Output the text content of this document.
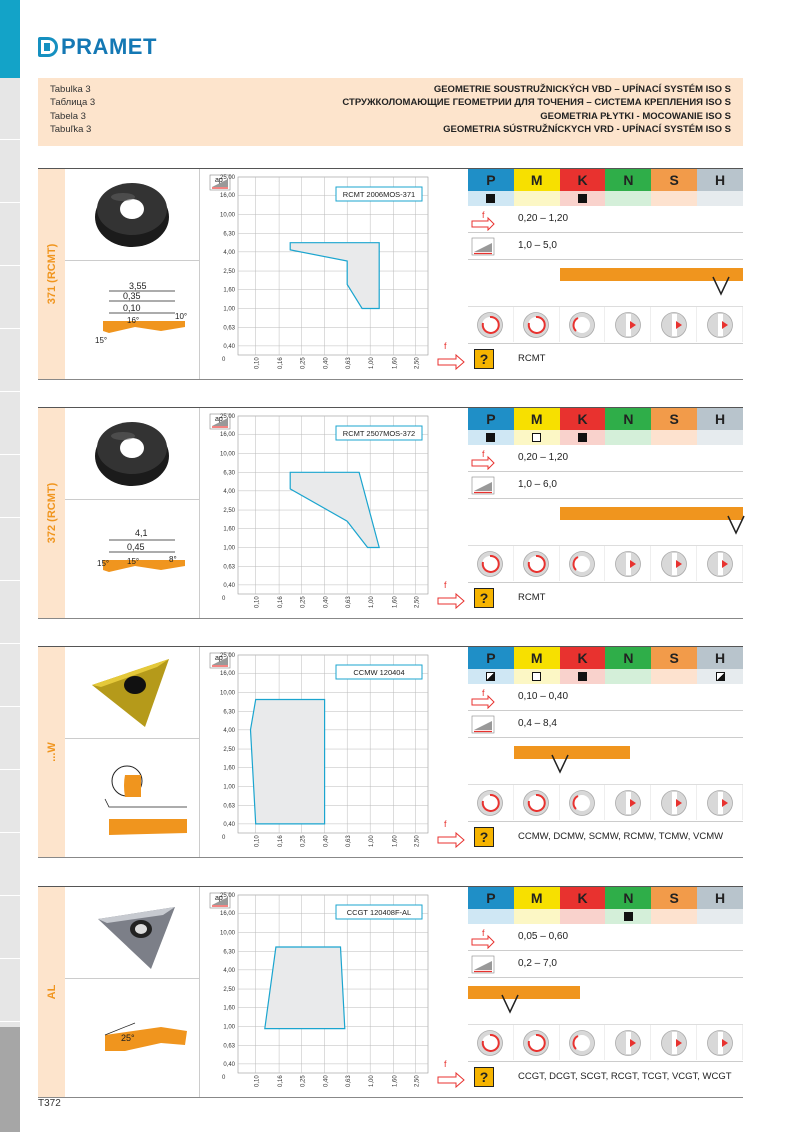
PRAMET
Tabulka 3
Таблица 3
Tabela 3
Tabuľka 3
GEOMETRIE SOUSTRUŽNICKÝCH VBD – UPÍNACÍ SYSTÉM ISO S
СТРУЖКОЛОМАЮЩИЕ ГЕОМЕТРИИ ДЛЯ ТОЧЕНИЯ – СИСТЕМА КРЕПЛЕНИЯ ISO S
GEOMETRIA PŁYTKI - MOCOWANIE ISO S
GEOMETRIA SÚSTRUŽNÍCKYCH VRD - UPÍNACÍ SYSTÉM ISO S
371 (RCMT)	3,55
0,35
0,10
16°	10°
15°
ap
0,10	0,16	0,25	0,40	0,63	1,00	1,60	2,50
25,00
16,00
10,00
6,30
4,00
2,50
1,60
1,00
0,63
0,40
0
RCMT 2006MOS-371
f
P	M	K	N	S	H
f	0,20 – 1,20
1,0 – 5,0
?	RCMT
372 (RCMT)	4,1
0,45
15°	8°
15°
ap
0,10	0,16	0,25	0,40	0,63	1,00	1,60	2,50
25,00
16,00
10,00
6,30
4,00
2,50
1,60
1,00
0,63
0,40
0
RCMT 2507MOS-372
f
P	M	K	N	S	H
f	0,20 – 1,20
1,0 – 6,0
?	RCMT
...W
ap
0,10	0,16	0,25	0,40	0,63	1,00	1,60	2,50
25,00
16,00
10,00
6,30
4,00
2,50
1,60
1,00
0,63
0,40
0
CCMW 120404
f
P	M	K	N	S	H
f	0,10 – 0,40
0,4 – 8,4
?	CCMW, DCMW, SCMW, RCMW, TCMW, VCMW
AL
25°
ap
0,10	0,16	0,25	0,40	0,63	1,00	1,60	2,50
25,00
16,00
10,00
6,30
4,00
2,50
1,60
1,00
0,63
0,40
0
CCGT 120408F-AL
f
P	M	K	N	S	H
f	0,05 – 0,60
0,2 – 7,0
?	CCGT, DCGT, SCGT, RCGT, TCGT, VCGT, WCGT
T372
